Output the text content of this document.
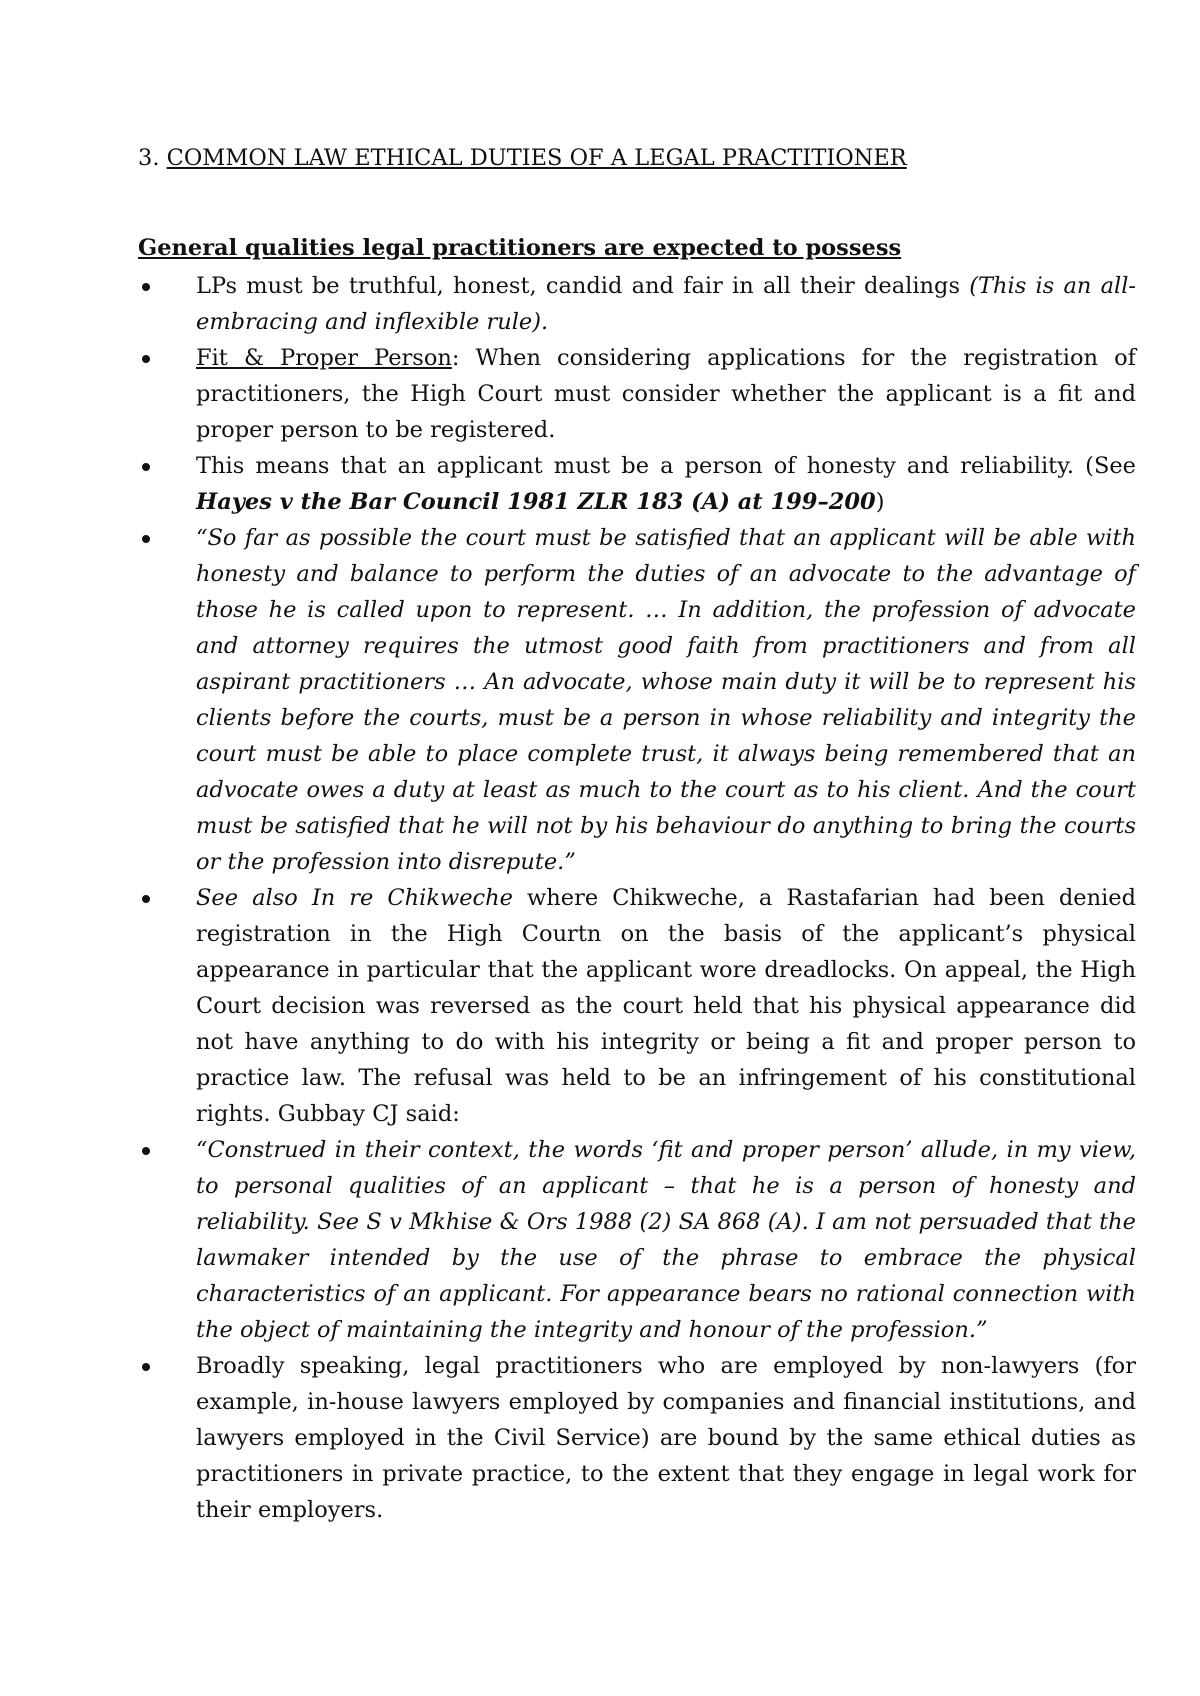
3. COMMON LAW ETHICAL DUTIES OF A LEGAL PRACTITIONER
General qualities legal practitioners are expected to possess
LPs must be truthful, honest, candid and fair in all their dealings (This is an all-embracing and inflexible rule).
Fit & Proper Person: When considering applications for the registration of practitioners, the High Court must consider whether the applicant is a fit and proper person to be registered.
This means that an applicant must be a person of honesty and reliability. (See Hayes v the Bar Council 1981 ZLR 183 (A) at 199–200)
“So far as possible the court must be satisfied that an applicant will be able with honesty and balance to perform the duties of an advocate to the advantage of those he is called upon to represent. … In addition, the profession of advocate and attorney requires the utmost good faith from practitioners and from all aspirant practitioners … An advocate, whose main duty it will be to represent his clients before the courts, must be a person in whose reliability and integrity the court must be able to place complete trust, it always being remembered that an advocate owes a duty at least as much to the court as to his client. And the court must be satisfied that he will not by his behaviour do anything to bring the courts or the profession into disrepute.”
See also In re Chikweche where Chikweche, a Rastafarian had been denied registration in the High Courtn on the basis of the applicant’s physical appearance in particular that the applicant wore dreadlocks. On appeal, the High Court decision was reversed as the court held that his physical appearance did not have anything to do with his integrity or being a fit and proper person to practice law. The refusal was held to be an infringement of his constitutional rights. Gubbay CJ said:
“Construed in their context, the words ‘fit and proper person’ allude, in my view, to personal qualities of an applicant – that he is a person of honesty and reliability. See S v Mkhise & Ors 1988 (2) SA 868 (A). I am not persuaded that the lawmaker intended by the use of the phrase to embrace the physical characteristics of an applicant. For appearance bears no rational connection with the object of maintaining the integrity and honour of the profession.”
Broadly speaking, legal practitioners who are employed by non-lawyers (for example, in-house lawyers employed by companies and financial institutions, and lawyers employed in the Civil Service) are bound by the same ethical duties as practitioners in private practice, to the extent that they engage in legal work for their employers.
